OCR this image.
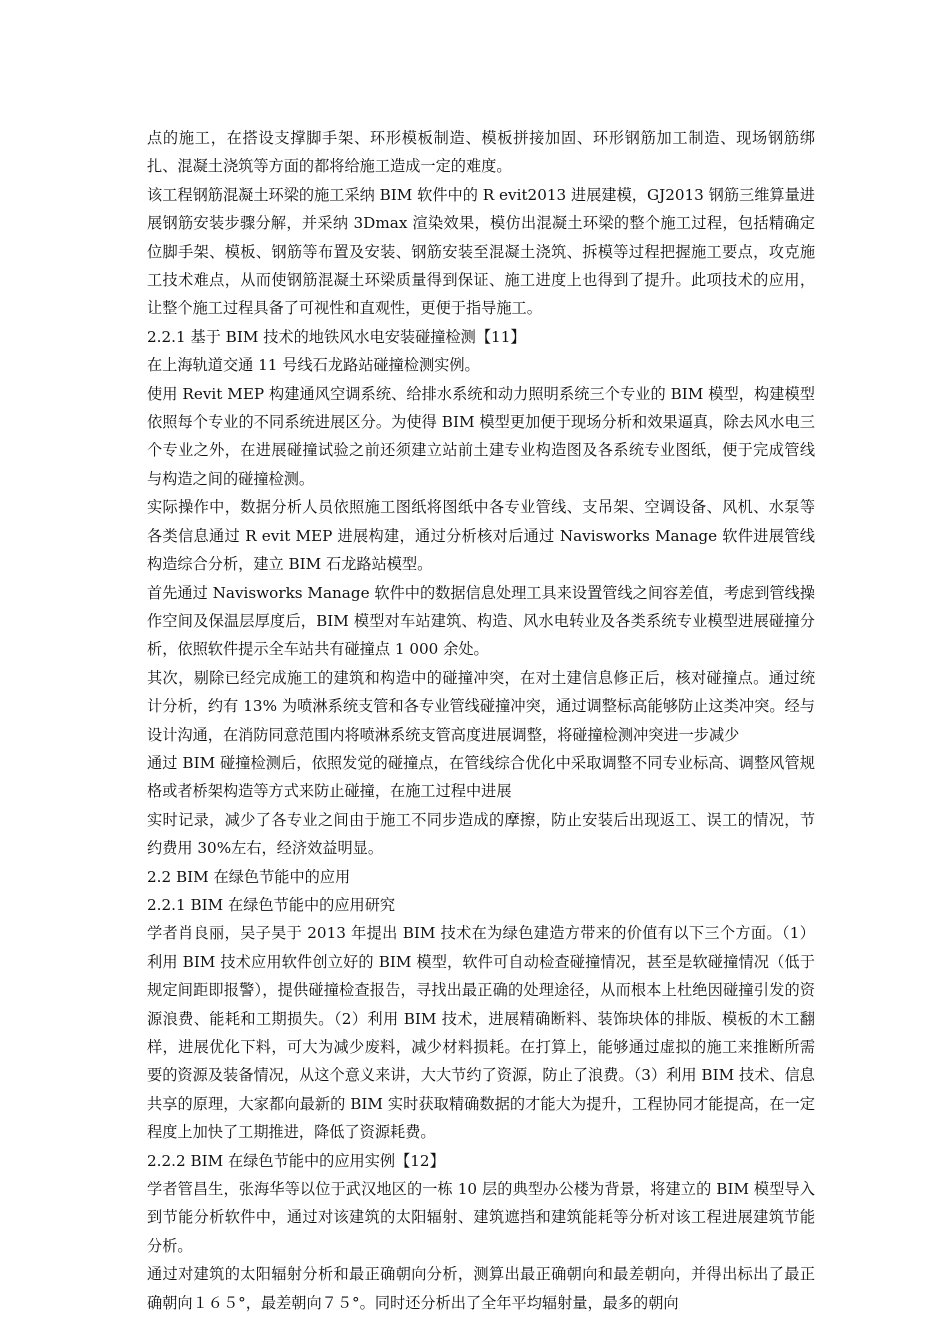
点的施工，在搭设支撑脚手架、环形模板制造、模板拼接加固、环形钢筋加工制造、现场钢筋绑扎、混凝土浇筑等方面的都将给施工造成一定的难度。

该工程钢筋混凝土环梁的施工采纳 BIM 软件中的 R evit2013 进展建模，GJ2013 钢筋三维算量进展钢筋安装步骤分解，并采纳 3Dmax 渲染效果，模仿出混凝土环梁的整个施工过程，包括精确定位脚手架、模板、钢筋等布置及安装、钢筋安装至混凝土浇筑、拆模等过程把握施工要点，攻克施工技术难点，从而使钢筋混凝土环梁质量得到保证、施工进度上也得到了提升。此项技术的应用，让整个施工过程具备了可视性和直观性，更便于指导施工。

2.2.1 基于 BIM 技术的地铁风水电安装碰撞检测【11】

在上海轨道交通 11 号线石龙路站碰撞检测实例。

使用 Revit MEP 构建通风空调系统、给排水系统和动力照明系统三个专业的 BIM 模型，构建模型依照每个专业的不同系统进展区分。为使得 BIM 模型更加便于现场分析和效果逼真，除去风水电三个专业之外，在进展碰撞试验之前还须建立站前土建专业构造图及各系统专业图纸，便于完成管线与构造之间的碰撞检测。

实际操作中，数据分析人员依照施工图纸将图纸中各专业管线、支吊架、空调设备、风机、水泵等各类信息通过 R evit MEP 进展构建，通过分析核对后通过 Navisworks Manage 软件进展管线构造综合分析，建立 BIM 石龙路站模型。

首先通过 Navisworks Manage 软件中的数据信息处理工具来设置管线之间容差值，考虑到管线操作空间及保温层厚度后，BIM 模型对车站建筑、构造、风水电转业及各类系统专业模型进展碰撞分析，依照软件提示全车站共有碰撞点 1 000 余处。

其次，剔除已经完成施工的建筑和构造中的碰撞冲突，在对土建信息修正后，核对碰撞点。通过统计分析，约有 13% 为喷淋系统支管和各专业管线碰撞冲突，通过调整标高能够防止这类冲突。经与设计沟通，在消防同意范围内将喷淋系统支管高度进展调整，将碰撞检测冲突进一步减少

通过 BIM 碰撞检测后，依照发觉的碰撞点，在管线综合优化中采取调整不同专业标高、调整风管规格或者桥架构造等方式来防止碰撞，在施工过程中进展

实时记录，减少了各专业之间由于施工不同步造成的摩擦，防止安装后出现返工、误工的情况，节约费用 30%左右，经济效益明显。

2.2 BIM 在绿色节能中的应用

2.2.1 BIM 在绿色节能中的应用研究

学者肖良丽，吴子昊于 2013 年提出 BIM 技术在为绿色建造方带来的价值有以下三个方面。（1）利用 BIM 技术应用软件创立好的 BIM 模型，软件可自动检查碰撞情况，甚至是软碰撞情况（低于规定间距即报警），提供碰撞检查报告，寻找出最正确的处理途径，从而根本上杜绝因碰撞引发的资源浪费、能耗和工期损失。（2）利用 BIM 技术，进展精确断料、装饰块体的排版、模板的木工翻样，进展优化下料，可大为减少废料，减少材料损耗。在打算上，能够通过虚拟的施工来推断所需要的资源及装备情况，从这个意义来讲，大大节约了资源，防止了浪费。（3）利用 BIM 技术、信息共享的原理，大家都向最新的 BIM 实时获取精确数据的才能大为提升，工程协同才能提高，在一定程度上加快了工期推进，降低了资源耗费。

2.2.2 BIM 在绿色节能中的应用实例【12】

学者管昌生，张海华等以位于武汉地区的一栋 10 层的典型办公楼为背景，将建立的 BIM 模型导入到节能分析软件中，通过对该建筑的太阳辐射、建筑遮挡和建筑能耗等分析对该工程进展建筑节能分析。

通过对建筑的太阳辐射分析和最正确朝向分析，测算出最正确朝向和最差朝向，并得出标出了最正确朝向１６５°，最差朝向７５°。同时还分析出了全年平均辐射量，最多的朝向
